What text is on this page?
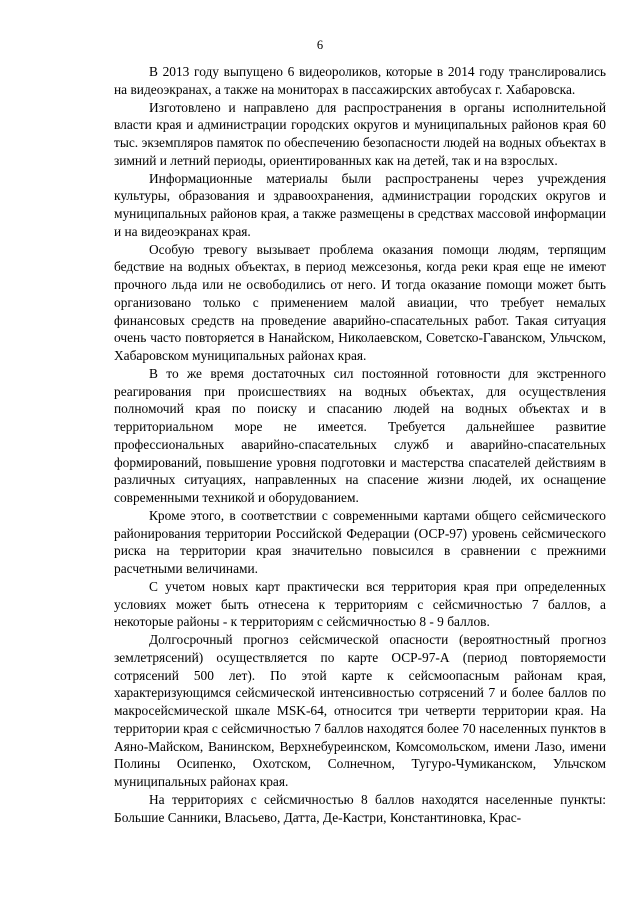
6

В 2013 году выпущено 6 видеороликов, которые в 2014 году транслировались на видеоэкранах, а также на мониторах в пассажирских автобусах г. Хабаровска.

Изготовлено и направлено для распространения в органы исполнительной власти края и администрации городских округов и муниципальных районов края 60 тыс. экземпляров памяток по обеспечению безопасности людей на водных объектах в зимний и летний периоды, ориентированных как на детей, так и на взрослых.

Информационные материалы были распространены через учреждения культуры, образования и здравоохранения, администрации городских округов и муниципальных районов края, а также размещены в средствах массовой информации и на видеоэкранах края.

Особую тревогу вызывает проблема оказания помощи людям, терпящим бедствие на водных объектах, в период межсезонья, когда реки края еще не имеют прочного льда или не освободились от него. И тогда оказание помощи может быть организовано только с применением малой авиации, что требует немалых финансовых средств на проведение аварийно-спасательных работ. Такая ситуация очень часто повторяется в Нанайском, Николаевском, Советско-Гаванском, Ульчском, Хабаровском муниципальных районах края.

В то же время достаточных сил постоянной готовности для экстренного реагирования при происшествиях на водных объектах, для осуществления полномочий края по поиску и спасанию людей на водных объектах и в территориальном море не имеется. Требуется дальнейшее развитие профессиональных аварийно-спасательных служб и аварийно-спасательных формирований, повышение уровня подготовки и мастерства спасателей действиям в различных ситуациях, направленных на спасение жизни людей, их оснащение современными техникой и оборудованием.

Кроме этого, в соответствии с современными картами общего сейсмического районирования территории Российской Федерации (ОСР-97) уровень сейсмического риска на территории края значительно повысился в сравнении с прежними расчетными величинами.

С учетом новых карт практически вся территория края при определенных условиях может быть отнесена к территориям с сейсмичностью 7 баллов, а некоторые районы - к территориям с сейсмичностью 8 - 9 баллов.

Долгосрочный прогноз сейсмической опасности (вероятностный прогноз землетрясений) осуществляется по карте ОСР-97-А (период повторяемости сотрясений 500 лет). По этой карте к сейсмоопасным районам края, характеризующимся сейсмической интенсивностью сотрясений 7 и более баллов по макросейсмической шкале MSK-64, относится три четверти территории края. На территории края с сейсмичностью 7 баллов находятся более 70 населенных пунктов в Аяно-Майском, Ванинском, Верхнебуреинском, Комсомольском, имени Лазо, имени Полины Осипенко, Охотском, Солнечном, Тугуро-Чумиканском, Ульчском муниципальных районах края.

На территориях с сейсмичностью 8 баллов находятся населенные пункты: Большие Санники, Власьево, Датта, Де-Кастри, Константиновка, Крас-
